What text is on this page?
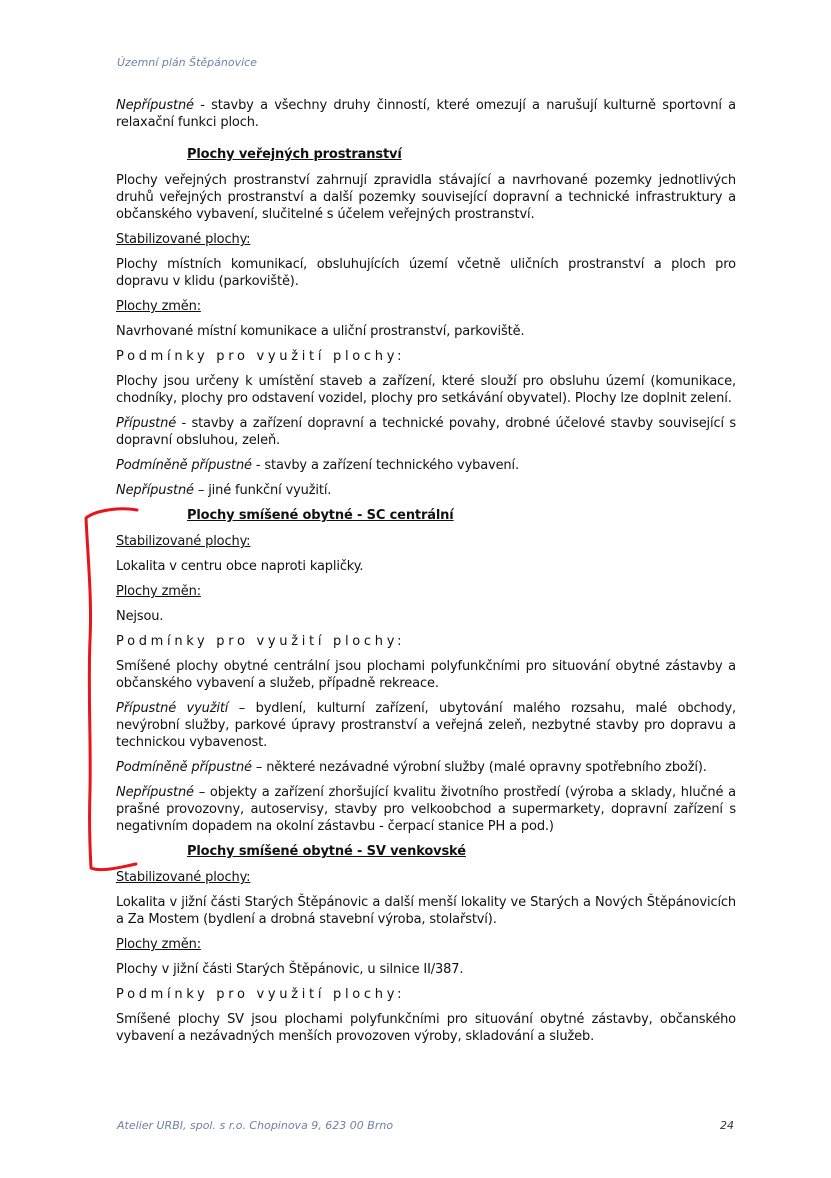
Územní plán Štěpánovice

Nepřípustné - stavby a všechny druhy činností, které omezují a narušují kulturně sportovní a relaxační funkci ploch.

Plochy veřejných prostranství

Plochy veřejných prostranství zahrnují zpravidla stávající a navrhované pozemky jednotlivých druhů veřejných prostranství a další pozemky související dopravní a technické infrastruktury a občanského vybavení, slučitelné s účelem veřejných prostranství.

Stabilizované plochy:

Plochy místních komunikací, obsluhujících území včetně uličních prostranství a ploch pro dopravu v klidu (parkoviště).

Plochy změn:

Navrhované místní komunikace a uliční prostranství, parkoviště.

Podmínky pro využití plochy:

Plochy jsou určeny k umístění staveb a zařízení, které slouží pro obsluhu území (komunikace, chodníky, plochy pro odstavení vozidel, plochy pro setkávání obyvatel). Plochy lze doplnit zelení.

Přípustné - stavby a zařízení dopravní a technické povahy, drobné účelové stavby související s dopravní obsluhou, zeleň.

Podmíněně přípustné - stavby a zařízení technického vybavení.

Nepřípustné – jiné funkční využití.

Plochy smíšené obytné - SC centrální
Stabilizované plochy:

Lokalita v centru obce naproti kapličky.

Plochy změn:

Nejsou.

Podmínky pro využití plochy:

Smíšené plochy obytné centrální jsou plochami polyfunkčními pro situování obytné zástavby a občanského vybavení a služeb, případně rekreace.

Přípustné využití – bydlení, kulturní zařízení, ubytování malého rozsahu, malé obchody, nevýrobní služby, parkové úpravy prostranství a veřejná zeleň, nezbytné stavby pro dopravu a technickou vybavenost.

Podmíněně přípustné – některé nezávadné výrobní služby (malé opravny spotřebního zboží).

Nepřípustné – objekty a zařízení zhoršující kvalitu životního prostředí (výroba a sklady, hlučné a prašné provozovny, autoservisy, stavby pro velkoobchod a supermarkety, dopravní zařízení s negativním dopadem na okolní zástavbu - čerpací stanice PH a pod.)

Plochy smíšené obytné - SV venkovské
Stabilizované plochy:

Lokalita v jižní části Starých Štěpánovic a další menší lokality ve Starých a Nových Štěpánovicích a Za Mostem (bydlení a drobná stavební výroba, stolařství).

Plochy změn:

Plochy v jižní části Starých Štěpánovic, u silnice II/387.

Podmínky pro využití plochy:

Smíšené plochy SV jsou plochami polyfunkčními pro situování obytné zástavby, občanského vybavení a nezávadných menších provozoven výroby, skladování a služeb.

Atelier URBI, spol. s r.o. Chopinova 9, 623 00 Brno	24
